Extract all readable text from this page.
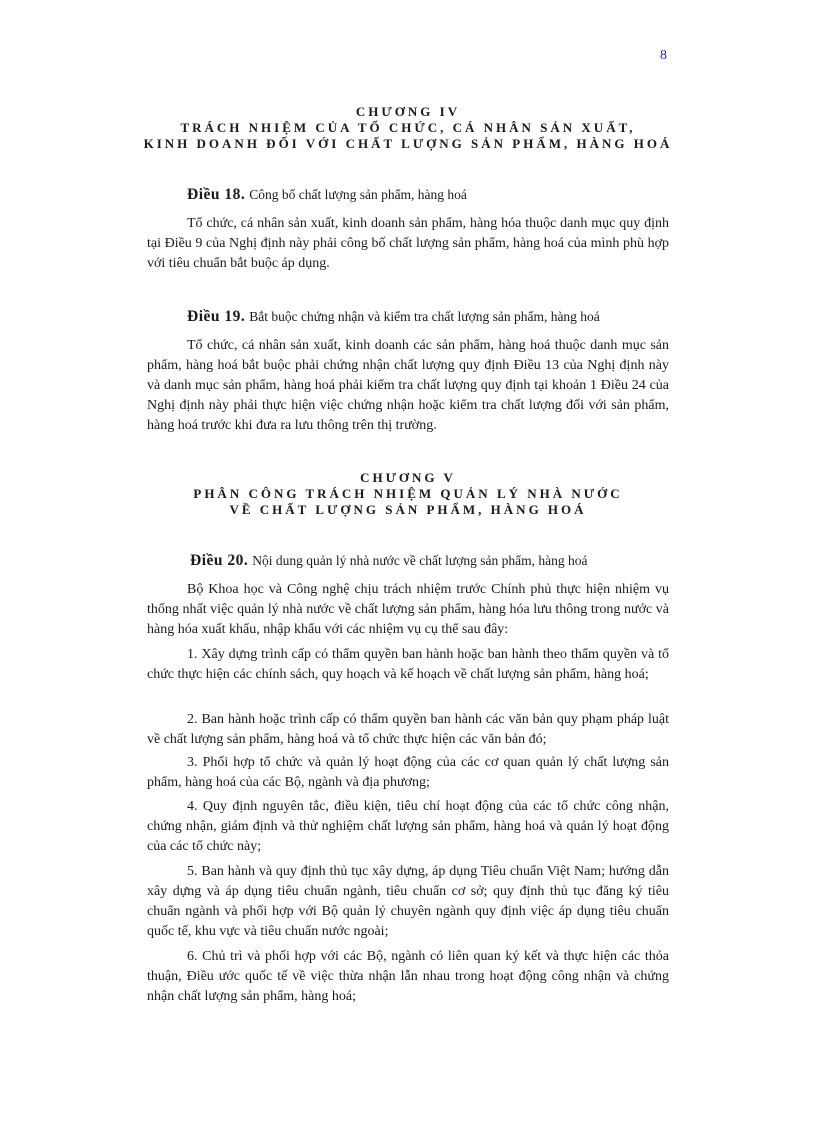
8
CHƯƠNG IV
TRÁCH NHIỆM CỦA TỔ CHỨC, CÁ NHÂN SẢN XUẤT,
KINH DOANH ĐỐI VỚI CHẤT LƯỢNG SẢN PHẨM, HÀNG HOÁ
Điều 18. Công bố chất lượng sản phẩm, hàng hoá

Tổ chức, cá nhân sản xuất, kinh doanh sản phẩm, hàng hóa thuộc danh mục quy định tại Điều 9 của Nghị định này phải công bố chất lượng sản phẩm, hàng hoá của mình phù hợp với tiêu chuẩn bắt buộc áp dụng.

Điều 19. Bắt buộc chứng nhận và kiểm tra chất lượng sản phẩm, hàng hoá

Tổ chức, cá nhân sản xuất, kinh doanh các sản phẩm, hàng hoá thuộc danh mục sản phẩm, hàng hoá bắt buộc phải chứng nhận chất lượng quy định Điều 13 của Nghị định này và danh mục sản phẩm, hàng hoá phải kiểm tra chất lượng quy định tại khoản 1 Điều 24 của Nghị định này phải thực hiện việc chứng nhận hoặc kiểm tra chất lượng đối với sản phẩm, hàng hoá trước khi đưa ra lưu thông trên thị trường.

CHƯƠNG V
PHÂN CÔNG TRÁCH NHIỆM QUẢN LÝ NHÀ NƯỚC
VỀ CHẤT LƯỢNG SẢN PHẨM, HÀNG HOÁ
Điều 20. Nội dung quản lý nhà nước về chất lượng sản phẩm, hàng hoá

Bộ Khoa học và Công nghệ chịu trách nhiệm trước Chính phủ thực hiện nhiệm vụ thống nhất việc quản lý nhà nước về chất lượng sản phẩm, hàng hóa lưu thông trong nước và hàng hóa xuất khẩu, nhập khẩu với các nhiệm vụ cụ thể sau đây:

1. Xây dựng trình cấp có thẩm quyền ban hành hoặc ban hành theo thẩm quyền và tổ chức thực hiện các chính sách, quy hoạch và kế hoạch về chất lượng sản phẩm, hàng hoá;

2. Ban hành hoặc trình cấp có thẩm quyền ban hành các văn bản quy phạm pháp luật về chất lượng sản phẩm, hàng hoá và tổ chức thực hiện các văn bản đó;

3. Phối hợp tổ chức và quản lý hoạt động của các cơ quan quản lý chất lượng sản phẩm, hàng hoá của các Bộ, ngành và địa phương;

4. Quy định nguyên tắc, điều kiện, tiêu chí hoạt động của các tổ chức công nhận, chứng nhận, giám định và thử nghiệm chất lượng sản phẩm, hàng hoá và quản lý hoạt động của các tổ chức này;

5. Ban hành và quy định thủ tục xây dựng, áp dụng Tiêu chuẩn Việt Nam; hướng dẫn xây dựng và áp dụng tiêu chuẩn ngành, tiêu chuẩn cơ sở; quy định thủ tục đăng ký tiêu chuẩn ngành và phối hợp với Bộ quản lý chuyên ngành quy định việc áp dụng tiêu chuẩn quốc tế, khu vực và tiêu chuẩn nước ngoài;

6. Chủ trì và phối hợp với các Bộ, ngành có liên quan ký kết và thực hiện các thỏa thuận, Điều ước quốc tế về việc thừa nhận lẫn nhau trong hoạt động công nhận và chứng nhận chất lượng sản phẩm, hàng hoá;
